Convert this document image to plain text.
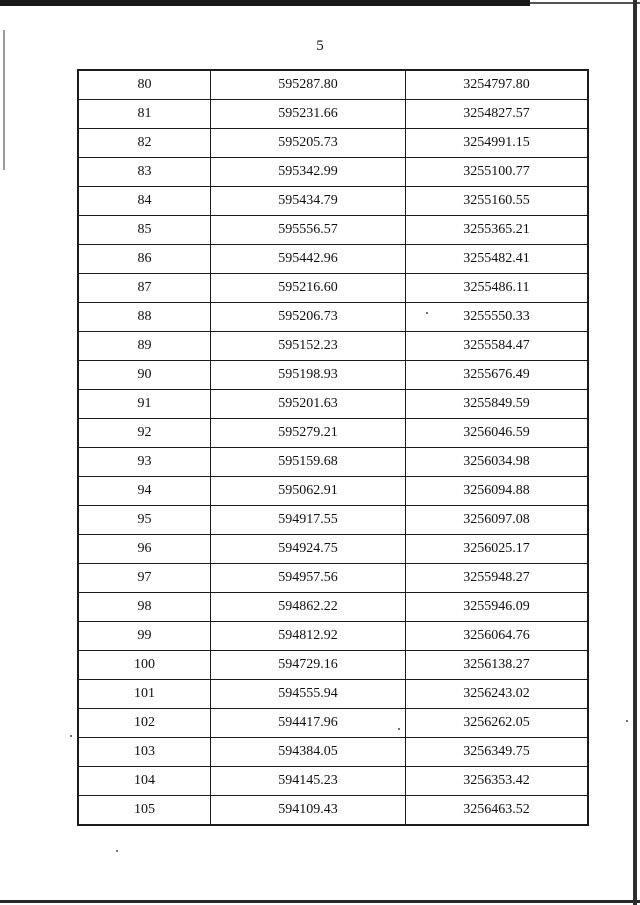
5
80	595287.80	3254797.80
81	595231.66	3254827.57
82	595205.73	3254991.15
83	595342.99	3255100.77
84	595434.79	3255160.55
85	595556.57	3255365.21
86	595442.96	3255482.41
87	595216.60	3255486.11
88	595206.73	3255550.33
89	595152.23	3255584.47
90	595198.93	3255676.49
91	595201.63	3255849.59
92	595279.21	3256046.59
93	595159.68	3256034.98
94	595062.91	3256094.88
95	594917.55	3256097.08
96	594924.75	3256025.17
97	594957.56	3255948.27
98	594862.22	3255946.09
99	594812.92	3256064.76
100	594729.16	3256138.27
101	594555.94	3256243.02
102	594417.96	3256262.05
103	594384.05	3256349.75
104	594145.23	3256353.42
105	594109.43	3256463.52
